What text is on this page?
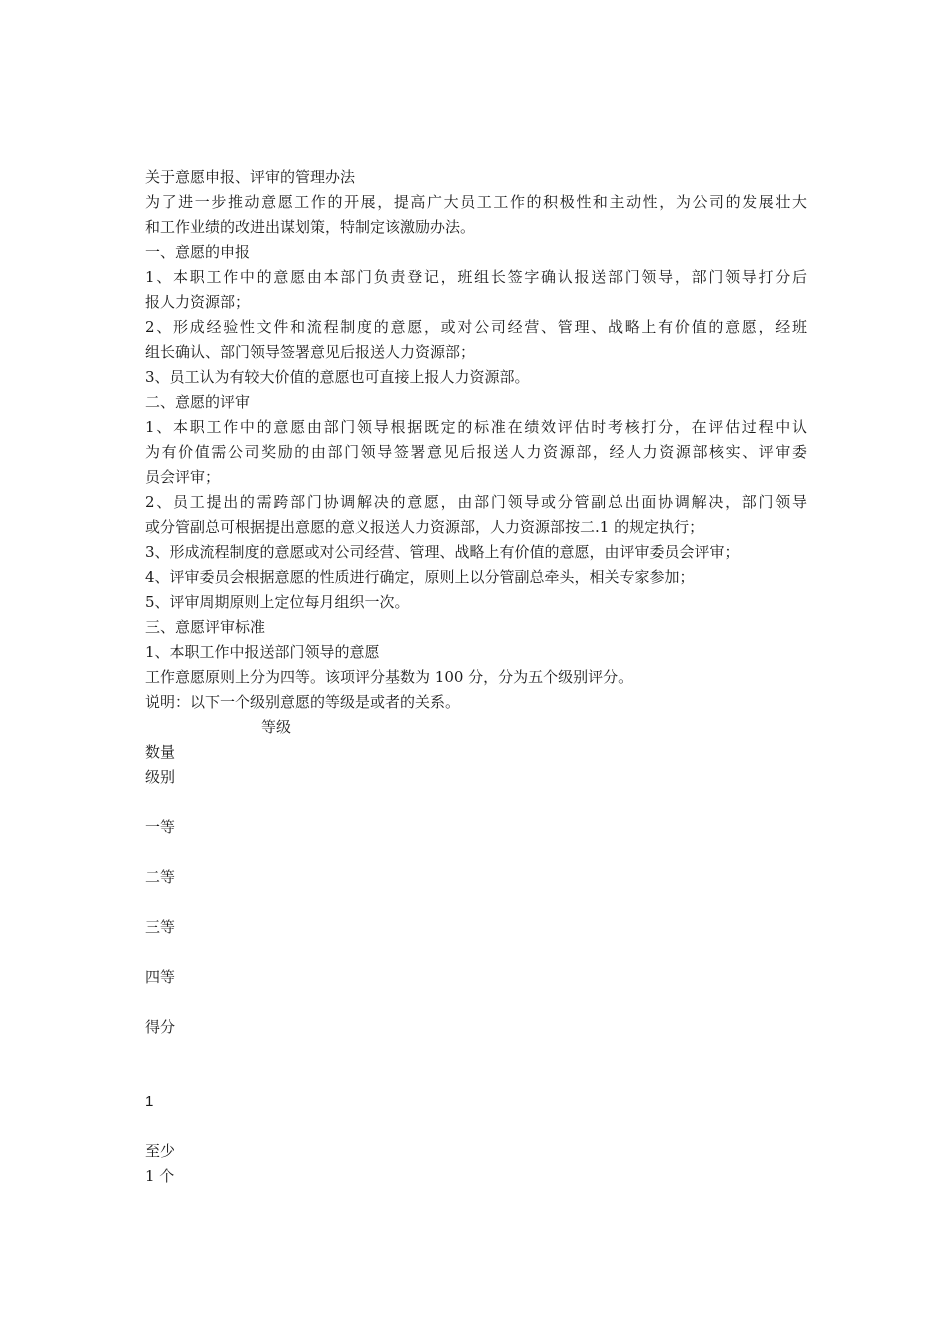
关于意愿申报、评审的管理办法

为了进一步推动意愿工作的开展，提高广大员工工作的积极性和主动性，为公司的发展壮大

和工作业绩的改进出谋划策，特制定该激励办法。

一、意愿的申报

1、本职工作中的意愿由本部门负责登记，班组长签字确认报送部门领导，部门领导打分后

报人力资源部；

2、形成经验性文件和流程制度的意愿，或对公司经营、管理、战略上有价值的意愿，经班

组长确认、部门领导签署意见后报送人力资源部；

3、员工认为有较大价值的意愿也可直接上报人力资源部。

二、意愿的评审

1、本职工作中的意愿由部门领导根据既定的标准在绩效评估时考核打分，在评估过程中认

为有价值需公司奖励的由部门领导签署意见后报送人力资源部，经人力资源部核实、评审委

员会评审；

2、员工提出的需跨部门协调解决的意愿，由部门领导或分管副总出面协调解决，部门领导

或分管副总可根据提出意愿的意义报送人力资源部，人力资源部按二.1 的规定执行；

3、形成流程制度的意愿或对公司经营、管理、战略上有价值的意愿，由评审委员会评审；

4、评审委员会根据意愿的性质进行确定，原则上以分管副总牵头，相关专家参加；

5、评审周期原则上定位每月组织一次。

三、意愿评审标准

1、本职工作中报送部门领导的意愿

工作意愿原则上分为四等。该项评分基数为 100 分，分为五个级别评分。

说明：以下一个级别意愿的等级是或者的关系。

等级

数量

级别

一等

二等

三等

四等

得分

1

至少

1 个
